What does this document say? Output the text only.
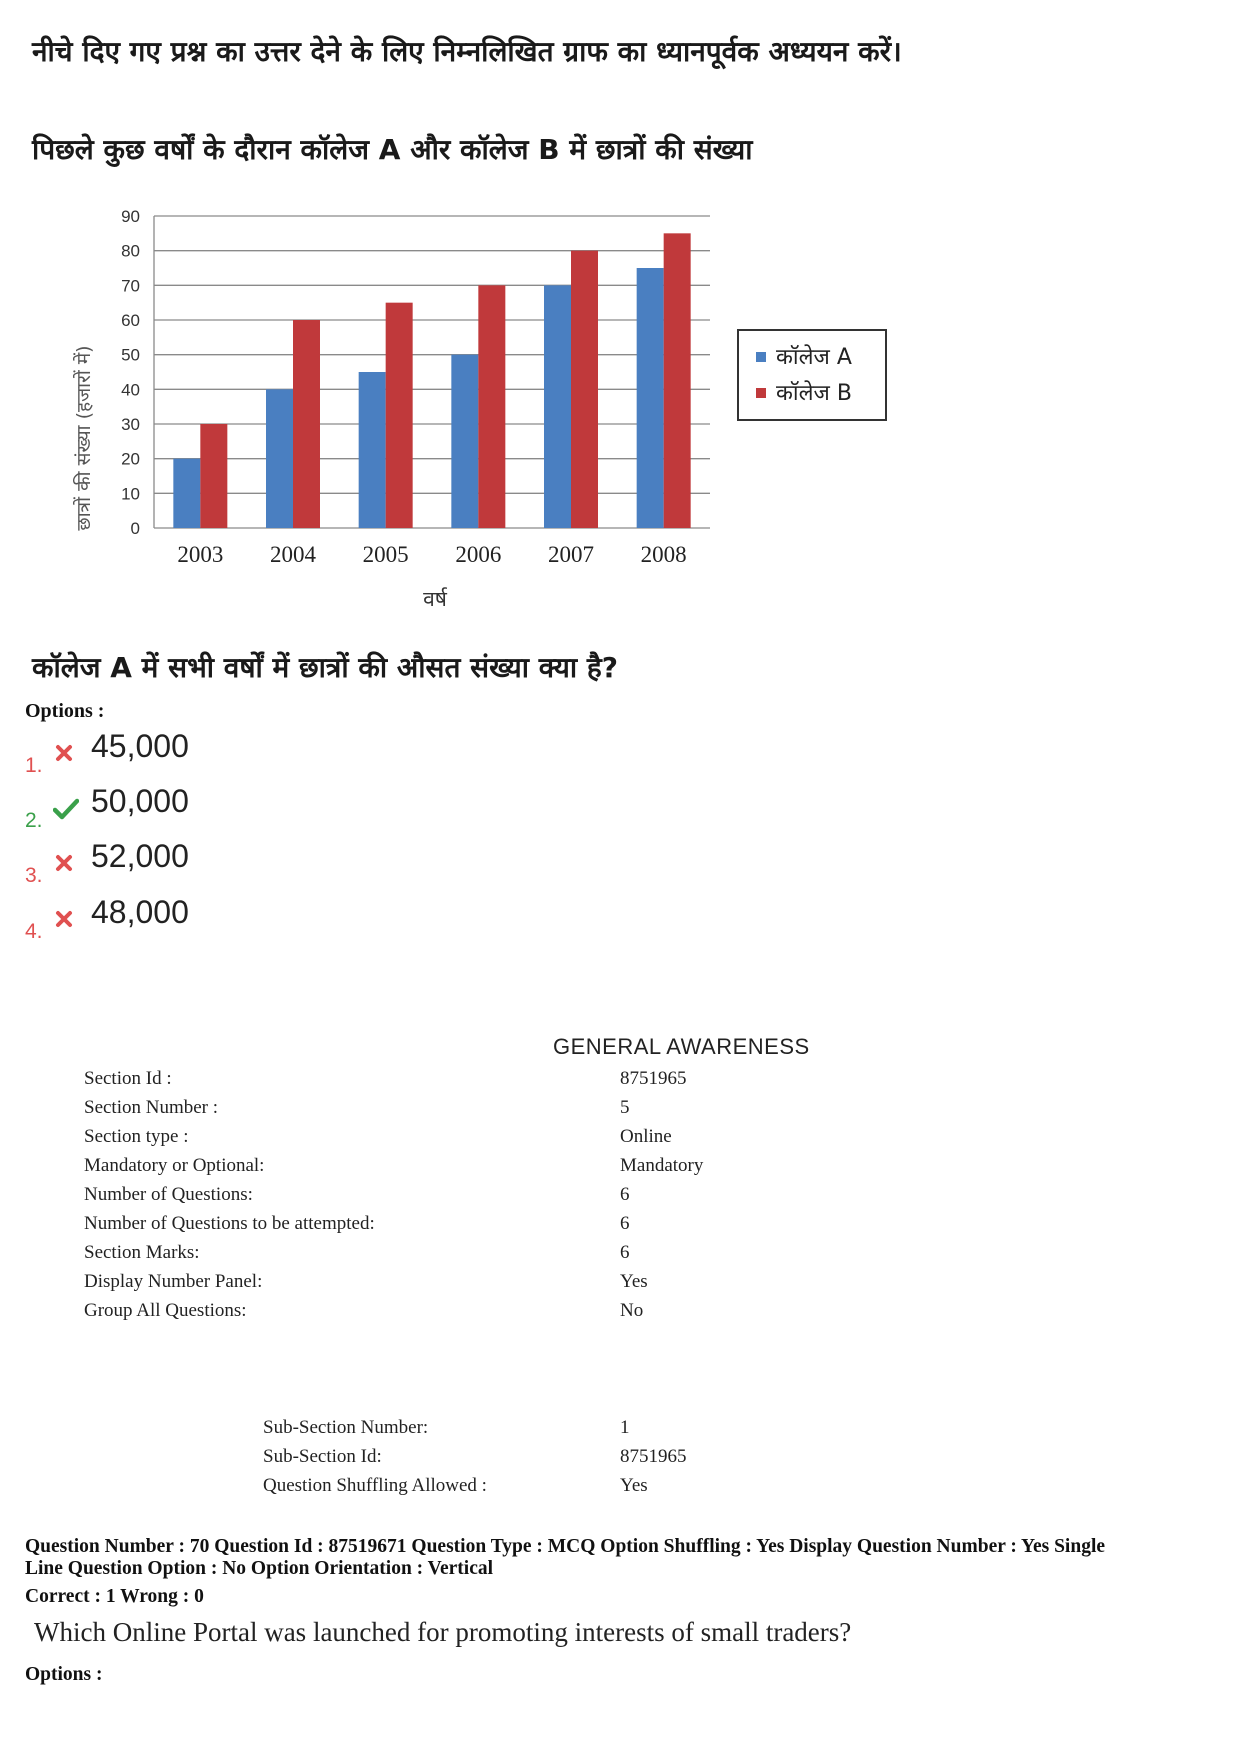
नीचे दिए गए प्रश्न का उत्तर देने के लिए निम्नलिखित ग्राफ का ध्यानपूर्वक अध्ययन करें।
पिछले कुछ वर्षों के दौरान कॉलेज A और कॉलेज B में छात्रों की संख्या
0
10
20
30
40
50
60
70
80
90
2003 2004 2005 2006 2007 2008
छात्रों की संख्या (हजारों में)
वर्ष
कॉलेज A
कॉलेज B
कॉलेज A में सभी वर्षों में छात्रों की औसत संख्या क्या है?
Options :
1.
45,000
2.
50,000
3.
52,000
4.
48,000
GENERAL AWARENESS
Section Id :	8751965
Section Number :	5
Section type :	Online
Mandatory or Optional:	Mandatory
Number of Questions:	6
Number of Questions to be attempted:	6
Section Marks:	6
Display Number Panel:	Yes
Group All Questions:	No
Sub-Section Number:	1
Sub-Section Id:	8751965
Question Shuffling Allowed :	Yes
Question Number : 70 Question Id : 87519671 Question Type : MCQ Option Shuffling : Yes Display Question Number : Yes Single
Line Question Option : No Option Orientation : Vertical
Correct : 1 Wrong : 0
Which Online Portal was launched for promoting interests of small traders?
Options :
